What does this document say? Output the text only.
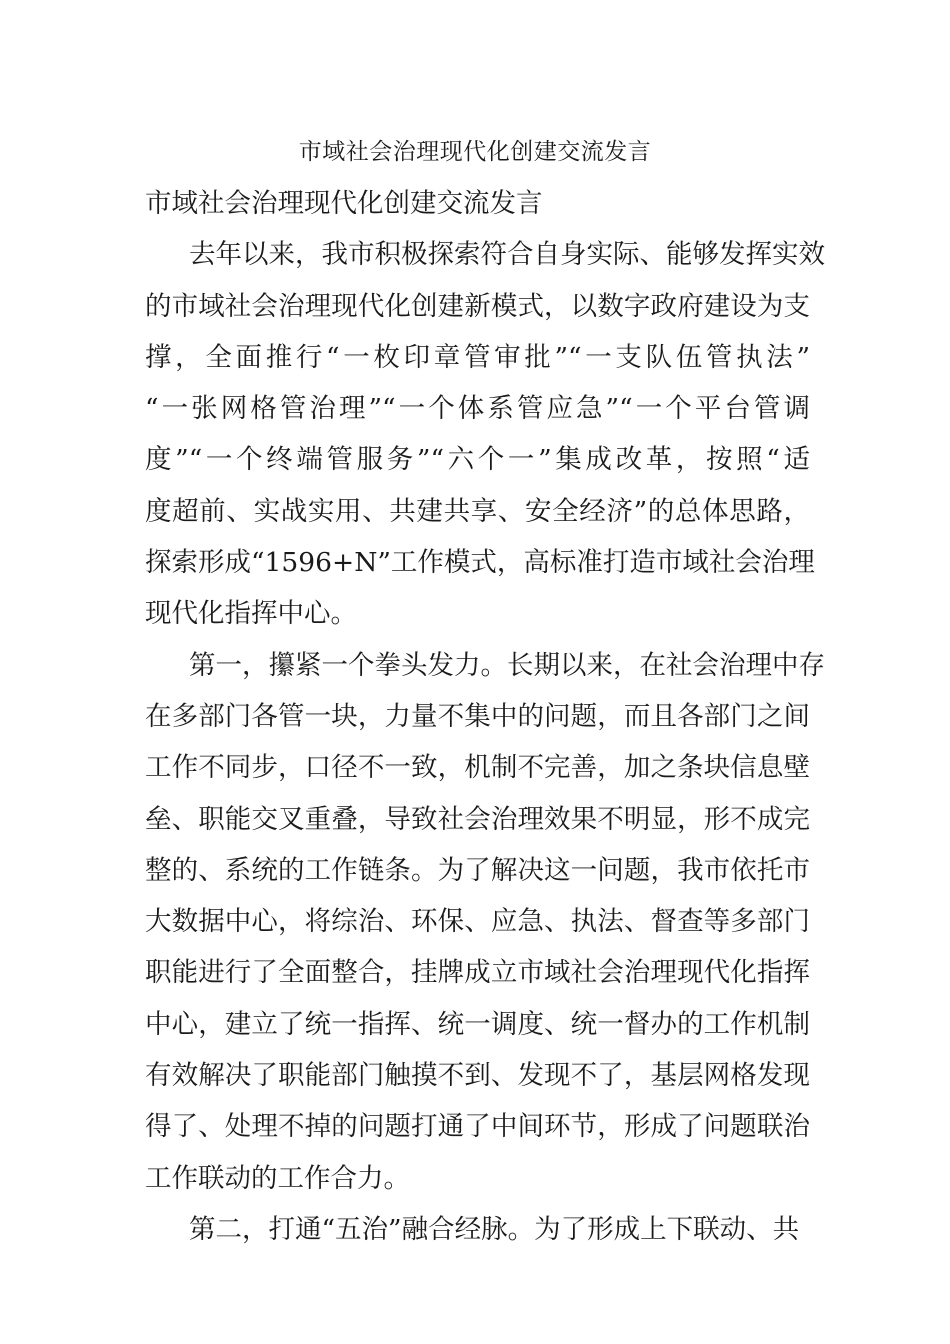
市域社会治理现代化创建交流发言
市域社会治理现代化创建交流发言
去年以来，我市积极探索符合自身实际、能够发挥实效
的市域社会治理现代化创建新模式，以数字政府建设为支
撑，全面推行“一枚印章管审批”“一支队伍管执法”
“一张网格管治理”“一个体系管应急”“一个平台管调
度”“一个终端管服务”“六个一”集成改革，按照“适
度超前、实战实用、共建共享、安全经济”的总体思路，
探索形成“1596+N”工作模式，高标准打造市域社会治理
现代化指挥中心。
第一，攥紧一个拳头发力。长期以来，在社会治理中存
在多部门各管一块，力量不集中的问题，而且各部门之间
工作不同步，口径不一致，机制不完善，加之条块信息壁
垒、职能交叉重叠，导致社会治理效果不明显，形不成完
整的、系统的工作链条。为了解决这一问题，我市依托市
大数据中心，将综治、环保、应急、执法、督查等多部门
职能进行了全面整合，挂牌成立市域社会治理现代化指挥
中心，建立了统一指挥、统一调度、统一督办的工作机制
有效解决了职能部门触摸不到、发现不了，基层网格发现
得了、处理不掉的问题打通了中间环节，形成了问题联治
工作联动的工作合力。
第二，打通“五治”融合经脉。为了形成上下联动、共
